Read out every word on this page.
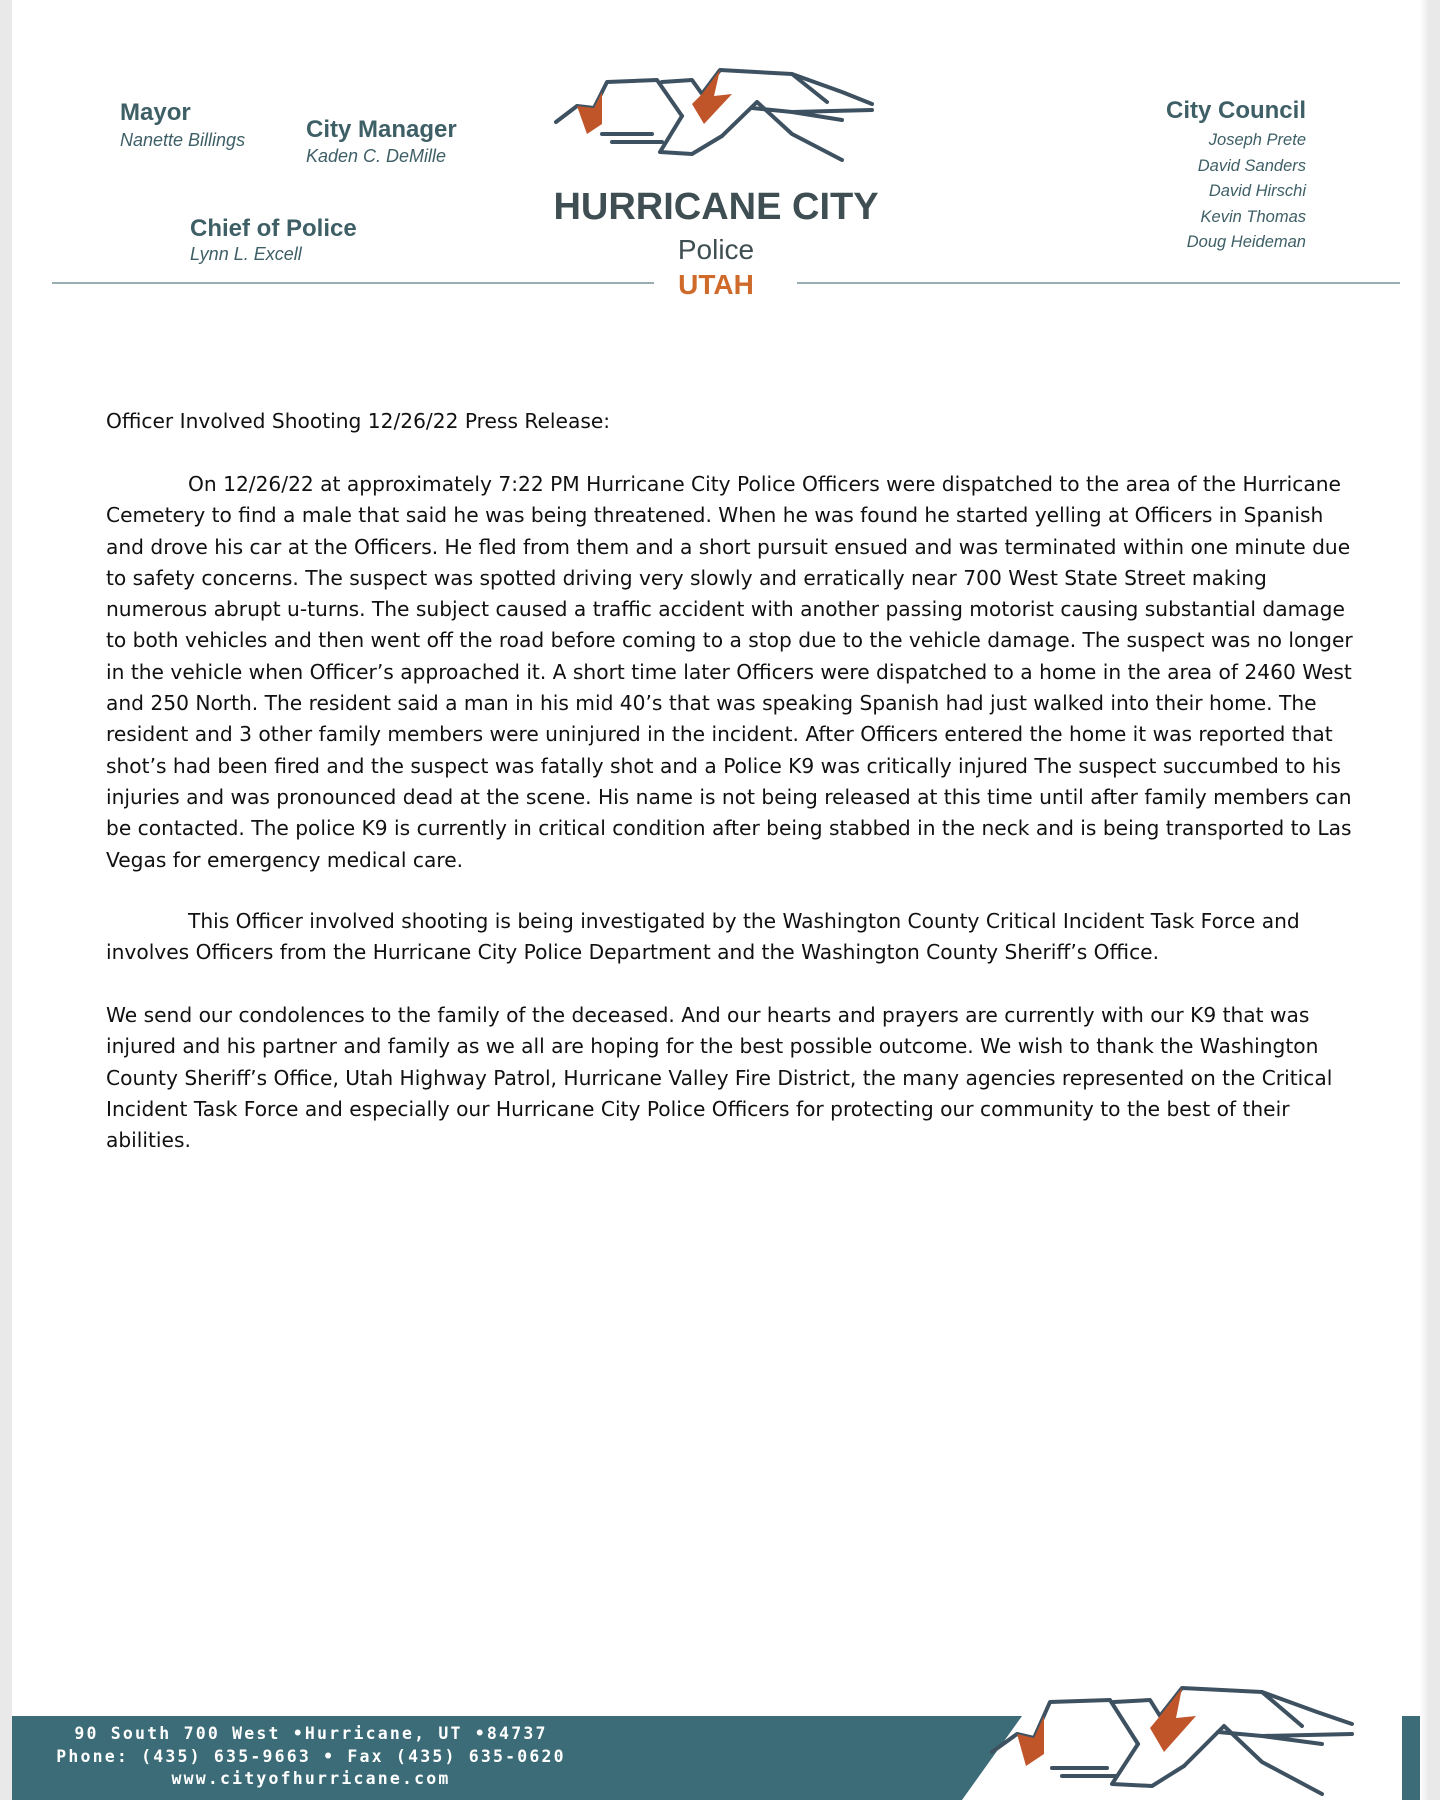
Mayor
Nanette Billings	City Manager
Kaden C. DeMille
Chief of Police
Lynn L. Excell
City Council
Joseph Prete
David Sanders
David Hirschi
Kevin Thomas
Doug Heideman
HURRICANE CITY
Police
UTAH

Officer Involved Shooting 12/26/22 Press Release:

On 12/26/22 at approximately 7:22 PM Hurricane City Police Officers were dispatched to the area of the Hurricane Cemetery to find a male that said he was being threatened. When he was found he started yelling at Officers in Spanish and drove his car at the Officers. He fled from them and a short pursuit ensued and was terminated within one minute due to safety concerns. The suspect was spotted driving very slowly and erratically near 700 West State Street making numerous abrupt u-turns. The subject caused a traffic accident with another passing motorist causing substantial damage to both vehicles and then went off the road before coming to a stop due to the vehicle damage. The suspect was no longer in the vehicle when Officer’s approached it. A short time later Officers were dispatched to a home in the area of 2460 West and 250 North. The resident said a man in his mid 40’s that was speaking Spanish had just walked into their home. The resident and 3 other family members were uninjured in the incident. After Officers entered the home it was reported that shot’s had been fired and the suspect was fatally shot and a Police K9 was critically injured The suspect succumbed to his injuries and was pronounced dead at the scene. His name is not being released at this time until after family members can be contacted. The police K9 is currently in critical condition after being stabbed in the neck and is being transported to Las Vegas for emergency medical care.

This Officer involved shooting is being investigated by the Washington County Critical Incident Task Force and involves Officers from the Hurricane City Police Department and the Washington County Sheriff’s Office.

We send our condolences to the family of the deceased. And our hearts and prayers are currently with our K9 that was injured and his partner and family as we all are hoping for the best possible outcome. We wish to thank the Washington County Sheriff’s Office, Utah Highway Patrol, Hurricane Valley Fire District, the many agencies represented on the Critical Incident Task Force and especially our Hurricane City Police Officers for protecting our community to the best of their abilities.

90 South 700 West •Hurricane, UT •84737
Phone: (435) 635-9663 • Fax (435) 635-0620
www.cityofhurricane.com
